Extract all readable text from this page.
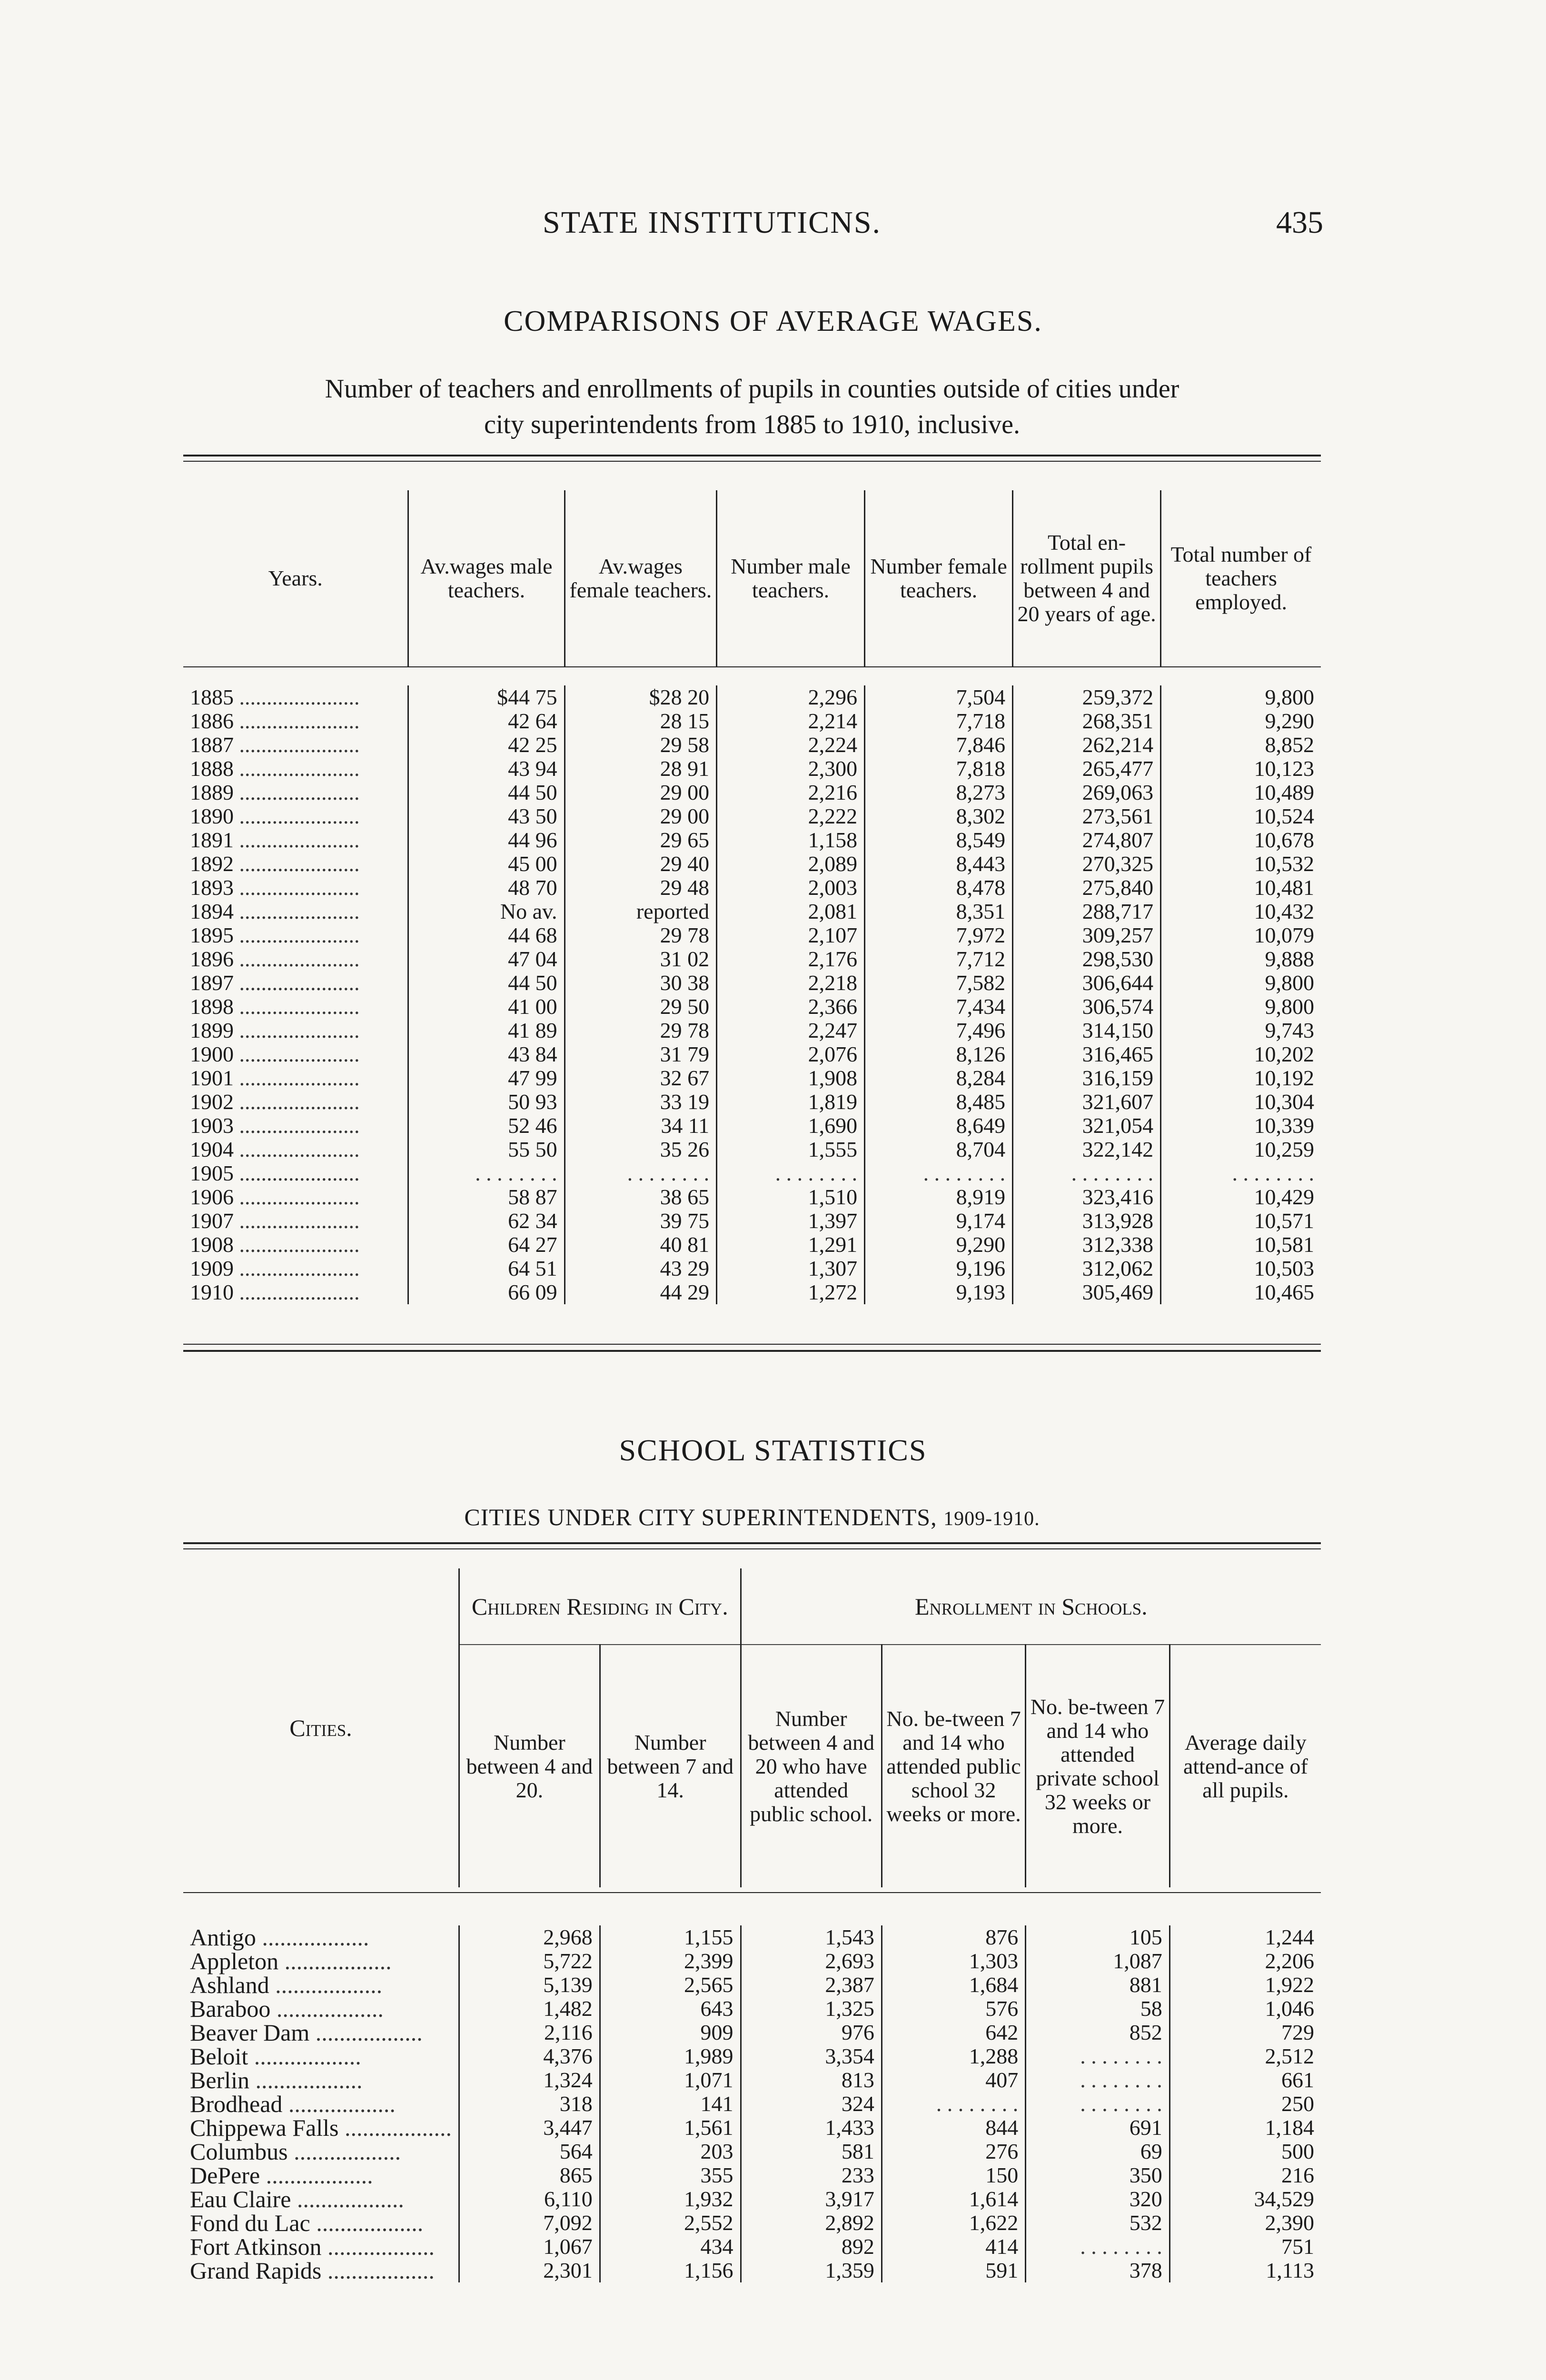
STATE INSTITUTICNS.	435
COMPARISONS OF AVERAGE WAGES.
Number of teachers and enrollments of pupils in counties outside of cities under
city superintendents from 1885 to 1910, inclusive.
Years.	Av.wages male teachers.	Av.wages female teachers.	Number male teachers.	Number female teachers.	Total en-rollment pupils between 4 and 20 years of age.	Total number of teachers employed.

1885 ......................	$44 75	$28 20	2,296	7,504	259,372	9,800
1886 ......................	42 64	28 15	2,214	7,718	268,351	9,290
1887 ......................	42 25	29 58	2,224	7,846	262,214	8,852
1888 ......................	43 94	28 91	2,300	7,818	265,477	10,123
1889 ......................	44 50	29 00	2,216	8,273	269,063	10,489
1890 ......................	43 50	29 00	2,222	8,302	273,561	10,524
1891 ......................	44 96	29 65	1,158	8,549	274,807	10,678
1892 ......................	45 00	29 40	2,089	8,443	270,325	10,532
1893 ......................	48 70	29 48	2,003	8,478	275,840	10,481
1894 ......................	No av.	reported	2,081	8,351	288,717	10,432
1895 ......................	44 68	29 78	2,107	7,972	309,257	10,079
1896 ......................	47 04	31 02	2,176	7,712	298,530	9,888
1897 ......................	44 50	30 38	2,218	7,582	306,644	9,800
1898 ......................	41 00	29 50	2,366	7,434	306,574	9,800
1899 ......................	41 89	29 78	2,247	7,496	314,150	9,743
1900 ......................	43 84	31 79	2,076	8,126	316,465	10,202
1901 ......................	47 99	32 67	1,908	8,284	316,159	10,192
1902 ......................	50 93	33 19	1,819	8,485	321,607	10,304
1903 ......................	52 46	34 11	1,690	8,649	321,054	10,339
1904 ......................	55 50	35 26	1,555	8,704	322,142	10,259
1905 ......................	. . . . . . . .	. . . . . . . .	. . . . . . . .	. . . . . . . .	. . . . . . . .	. . . . . . . .
1906 ......................	58 87	38 65	1,510	8,919	323,416	10,429
1907 ......................	62 34	39 75	1,397	9,174	313,928	10,571
1908 ......................	64 27	40 81	1,291	9,290	312,338	10,581
1909 ......................	64 51	43 29	1,307	9,196	312,062	10,503
1910 ......................	66 09	44 29	1,272	9,193	305,469	10,465
SCHOOL STATISTICS
CITIES UNDER CITY SUPERINTENDENTS, 1909-1910.
Cities.	Children Residing in City.		Enrollment in Schools.			
	Number between 4 and 20.	Number between 7 and 14.	Number between 4 and 20 who have attended public school.	No. be-tween 7 and 14 who attended public school 32 weeks or more.	No. be-tween 7 and 14 who attended private school 32 weeks or more.	Average daily attend-ance of all pupils.

Antigo ..................	2,968	1,155	1,543	876	105	1,244
Appleton ..................	5,722	2,399	2,693	1,303	1,087	2,206
Ashland ..................	5,139	2,565	2,387	1,684	881	1,922
Baraboo ..................	1,482	643	1,325	576	58	1,046
Beaver Dam ..................	2,116	909	976	642	852	729
Beloit ..................	4,376	1,989	3,354	1,288	. . . . . . . .	2,512
Berlin ..................	1,324	1,071	813	407	. . . . . . . .	661
Brodhead ..................	318	141	324	. . . . . . . .	. . . . . . . .	250
Chippewa Falls ..................	3,447	1,561	1,433	844	691	1,184
Columbus ..................	564	203	581	276	69	500
DePere ..................	865	355	233	150	350	216
Eau Claire ..................	6,110	1,932	3,917	1,614	320	34,529
Fond du Lac ..................	7,092	2,552	2,892	1,622	532	2,390
Fort Atkinson ..................	1,067	434	892	414	. . . . . . . .	751
Grand Rapids ..................	2,301	1,156	1,359	591	378	1,113
